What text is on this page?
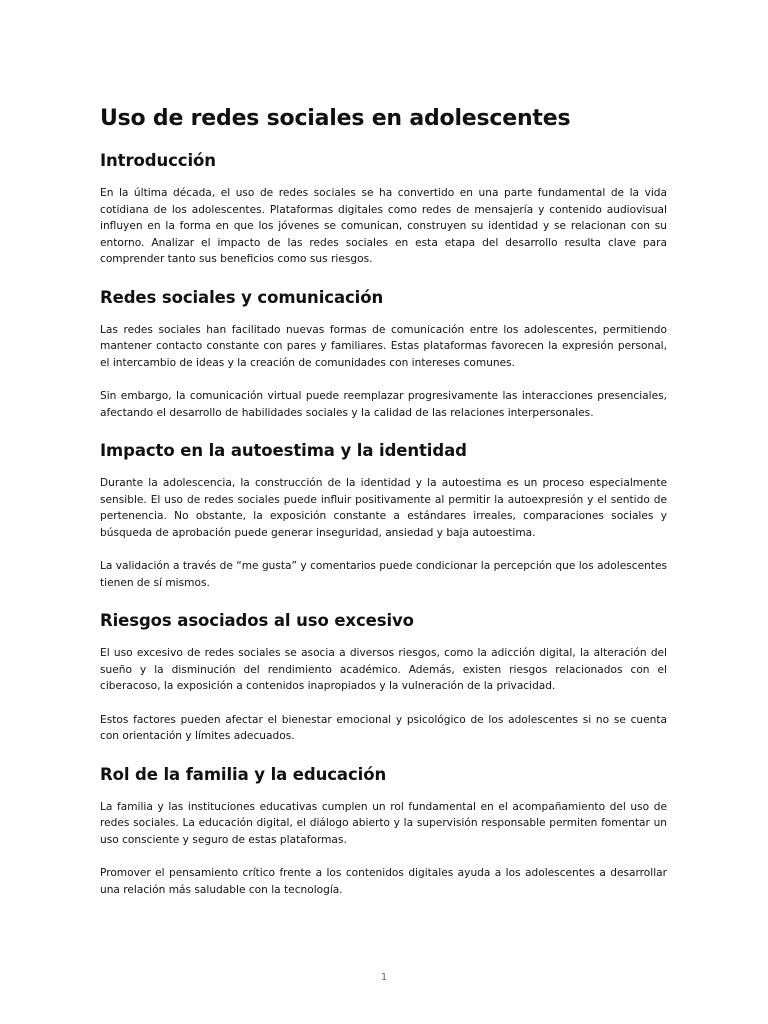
Uso de redes sociales en adolescentes
Introducción

En la última década, el uso de redes sociales se ha convertido en una parte fundamental de la vida cotidiana de los adolescentes. Plataformas digitales como redes de mensajería y contenido audiovisual influyen en la forma en que los jóvenes se comunican, construyen su identidad y se relacionan con su entorno. Analizar el impacto de las redes sociales en esta etapa del desarrollo resulta clave para comprender tanto sus beneficios como sus riesgos.

Redes sociales y comunicación

Las redes sociales han facilitado nuevas formas de comunicación entre los adolescentes, permitiendo mantener contacto constante con pares y familiares. Estas plataformas favorecen la expresión personal, el intercambio de ideas y la creación de comunidades con intereses comunes.

Sin embargo, la comunicación virtual puede reemplazar progresivamente las interacciones presenciales, afectando el desarrollo de habilidades sociales y la calidad de las relaciones interpersonales.

Impacto en la autoestima y la identidad

Durante la adolescencia, la construcción de la identidad y la autoestima es un proceso especialmente sensible. El uso de redes sociales puede influir positivamente al permitir la autoexpresión y el sentido de pertenencia. No obstante, la exposición constante a estándares irreales, comparaciones sociales y búsqueda de aprobación puede generar inseguridad, ansiedad y baja autoestima.

La validación a través de “me gusta” y comentarios puede condicionar la percepción que los adolescentes tienen de sí mismos.

Riesgos asociados al uso excesivo

El uso excesivo de redes sociales se asocia a diversos riesgos, como la adicción digital, la alteración del sueño y la disminución del rendimiento académico. Además, existen riesgos relacionados con el ciberacoso, la exposición a contenidos inapropiados y la vulneración de la privacidad.

Estos factores pueden afectar el bienestar emocional y psicológico de los adolescentes si no se cuenta con orientación y límites adecuados.

Rol de la familia y la educación

La familia y las instituciones educativas cumplen un rol fundamental en el acompañamiento del uso de redes sociales. La educación digital, el diálogo abierto y la supervisión responsable permiten fomentar un uso consciente y seguro de estas plataformas.

Promover el pensamiento crítico frente a los contenidos digitales ayuda a los adolescentes a desarrollar una relación más saludable con la tecnología.

1
